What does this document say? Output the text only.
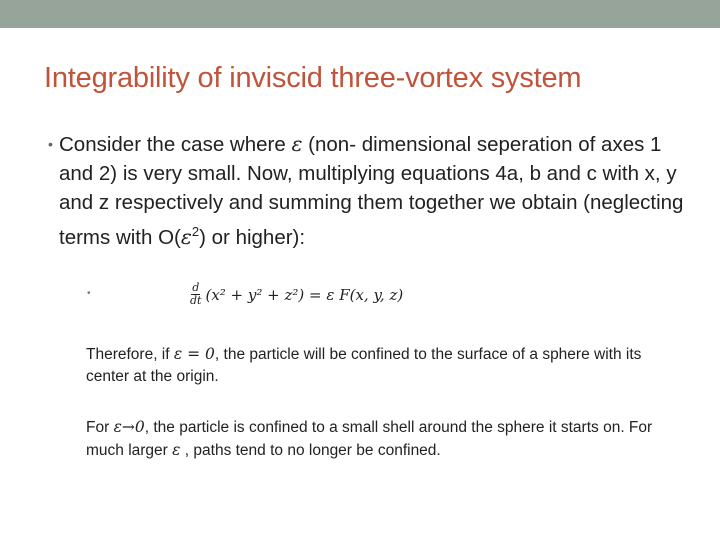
Integrability of inviscid three-vortex system
• Consider the case where ε (non- dimensional seperation of axes 1 and 2) is very small. Now, multiplying equations 4a, b and c with x, y and z respectively and summing them together we obtain (neglecting terms with $O(\varepsilon^2)$ or higher):
•	$\frac{d}{dt} (x^2 + y^2 + z^2) = \varepsilon$ F(x, y, z)
Therefore, if ε = 0, the particle will be confined to the surface of a sphere with its center at the origin.
For ε→0, the particle is confined to a small shell around the sphere it starts on. For much larger ε , paths tend to no longer be confined.
